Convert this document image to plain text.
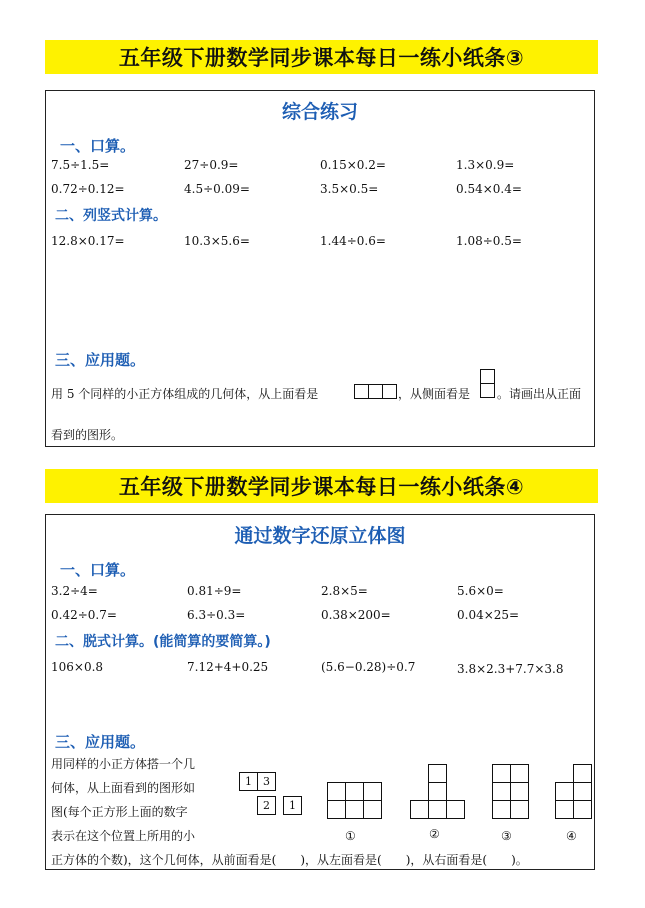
五年级下册数学同步课本每日一练小纸条③
综合练习
一、口算。
7.5÷1.5=	27÷0.9=	0.15×0.2=	1.3×0.9=
0.72÷0.12=	4.5÷0.09=	3.5×0.5=	0.54×0.4=
二、列竖式计算。
12.8×0.17=	10.3×5.6=	1.44÷0.6=	1.08÷0.5=
三、应用题。
用 5 个同样的小正方体组成的几何体，从上面看是	，从侧面看是 。请画出从正面
看到的图形。
五年级下册数学同步课本每日一练小纸条④
通过数字还原立体图
一、口算。
3.2÷4=	0.81÷9=	2.8×5=	5.6×0=
0.42÷0.7=	6.3÷0.3=	0.38×200=	0.04×25=
二、脱式计算。(能简算的要简算。)
106×0.8	7.12+4+0.25	(5.6−0.28)÷0.7	3.8×2.3+7.7×3.8
三、应用题。
用同样的小正方体搭一个几
何体，从上面看到的图形如
图(每个正方形上面的数字
表示在这个位置上所用的小
正方体的个数)，这个几何体，从前面看是(　　)，从左面看是(　　)，从右面看是(　　)。
1	3
2	1
①	②	③	④
